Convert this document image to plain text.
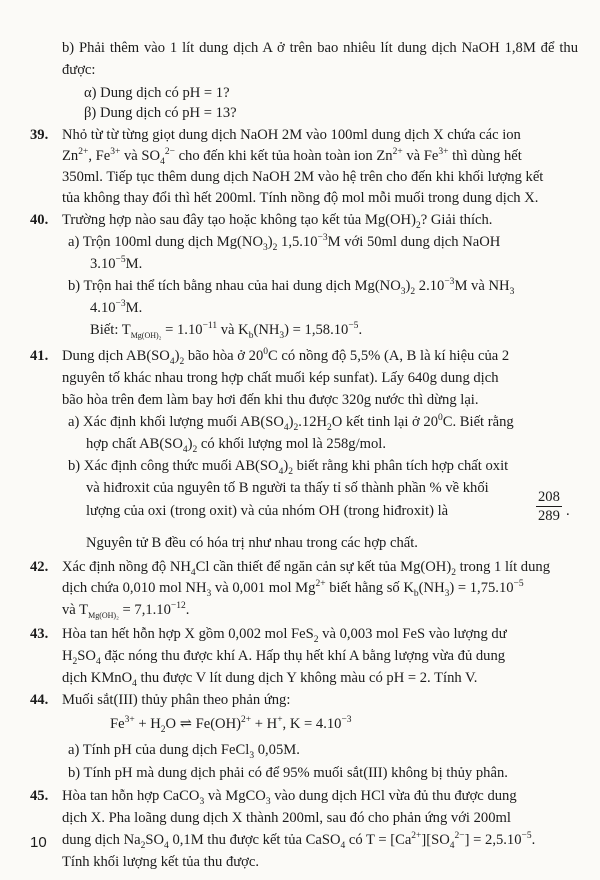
b) Phải thêm vào 1 lít dung dịch A ở trên bao nhiêu lít dung dịch NaOH 1,8M để thu được:

α) Dung dịch có pH = 1?

β) Dung dịch có pH = 13?

39. Nhỏ từ từ từng giọt dung dịch NaOH 2M vào 100ml dung dịch X chứa các ion

$Zn^{2+}$, $Fe^{3+}$ và $SO_4^{2-}$ cho đến khi kết tủa hoàn toàn ion $Zn^{2+}$ và $Fe^{3+}$ thì dùng hết

350ml. Tiếp tục thêm dung dịch NaOH 2M vào hệ trên cho đến khi khối lượng kết

tủa không thay đổi thì hết 200ml. Tính nồng độ mol mỗi muối trong dung dịch X.

40. Trường hợp nào sau đây tạo hoặc không tạo kết tủa $Mg(OH)_2$? Giải thích.

a) Trộn 100ml dung dịch $Mg(NO_3)_2$ $1,5.10^{-3}M$ với 50ml dung dịch NaOH

$3.10^{-5}M$.

b) Trộn hai thể tích bằng nhau của hai dung dịch $Mg(NO_3)_2$ $2.10^{-3}M$ và $NH_3$

$4.10^{-3}M$.

Biết: $T_{Mg(OH)_2} = 1.10^{-11}$ và $K_b(NH_3) = 1,58.10^{-5}$.

41. Dung dịch $AB(SO_4)_2$ bão hòa ở $20^0C$ có nồng độ 5,5% (A, B là kí hiệu của 2

nguyên tố khác nhau trong hợp chất muối kép sunfat). Lấy 640g dung dịch

bão hòa trên đem làm bay hơi đến khi thu được 320g nước thì dừng lại.

a) Xác định khối lượng muối $AB(SO_4)_2.12H_2O$ kết tinh lại ở $20^0C$. Biết rằng

hợp chất $AB(SO_4)_2$ có khối lượng mol là 258g/mol.

b) Xác định công thức muối $AB(SO_4)_2$ biết rằng khi phân tích hợp chất oxit

và hiđroxit của nguyên tố B người ta thấy tỉ số thành phần % về khối

lượng của oxi (trong oxit) và của nhóm OH (trong hiđroxit) là	$\frac{208}{289}$ .

Nguyên tử B đều có hóa trị như nhau trong các hợp chất.

42. Xác định nồng độ $NH_4Cl$ cần thiết để ngăn cản sự kết tủa $Mg(OH)_2$ trong 1 lít dung

dịch chứa 0,010 mol $NH_3$ và 0,001 mol $Mg^{2+}$ biết hằng số $K_b(NH_3) = 1,75.10^{-5}$

và $T_{Mg(OH)_2} = 7,1.10^{-12}$.

43. Hòa tan hết hỗn hợp X gồm 0,002 mol FeS$_2$ và 0,003 mol FeS vào lượng dư

$H_2SO_4$ đặc nóng thu được khí A. Hấp thụ hết khí A bằng lượng vừa đủ dung

dịch KMnO$_4$ thu được V lít dung dịch Y không màu có pH = 2. Tính V.

44. Muối sắt(III) thủy phân theo phản ứng:

$Fe^{3+} + H_2O$ ⇌ Fe(OH)$^{2+}$ + H+, $K = 4.10^{-3}$

a) Tính pH của dung dịch FeCl$_3$ 0,05M.

b) Tính pH mà dung dịch phải có để 95% muối sắt(III) không bị thủy phân.

45. Hòa tan hỗn hợp CaCO$_3$ và MgCO$_3$ vào dung dịch HCl vừa đủ thu được dung

dịch X. Pha loãng dung dịch X thành 200ml, sau đó cho phản ứng với 200ml

dung dịch $Na_2SO_4$ 0,1M thu được kết tủa CaSO$_4$ có $T = [Ca^{2+}][SO_4^{2-}] = 2,5.10^{-5}$.

Tính khối lượng kết tủa thu được.

10
